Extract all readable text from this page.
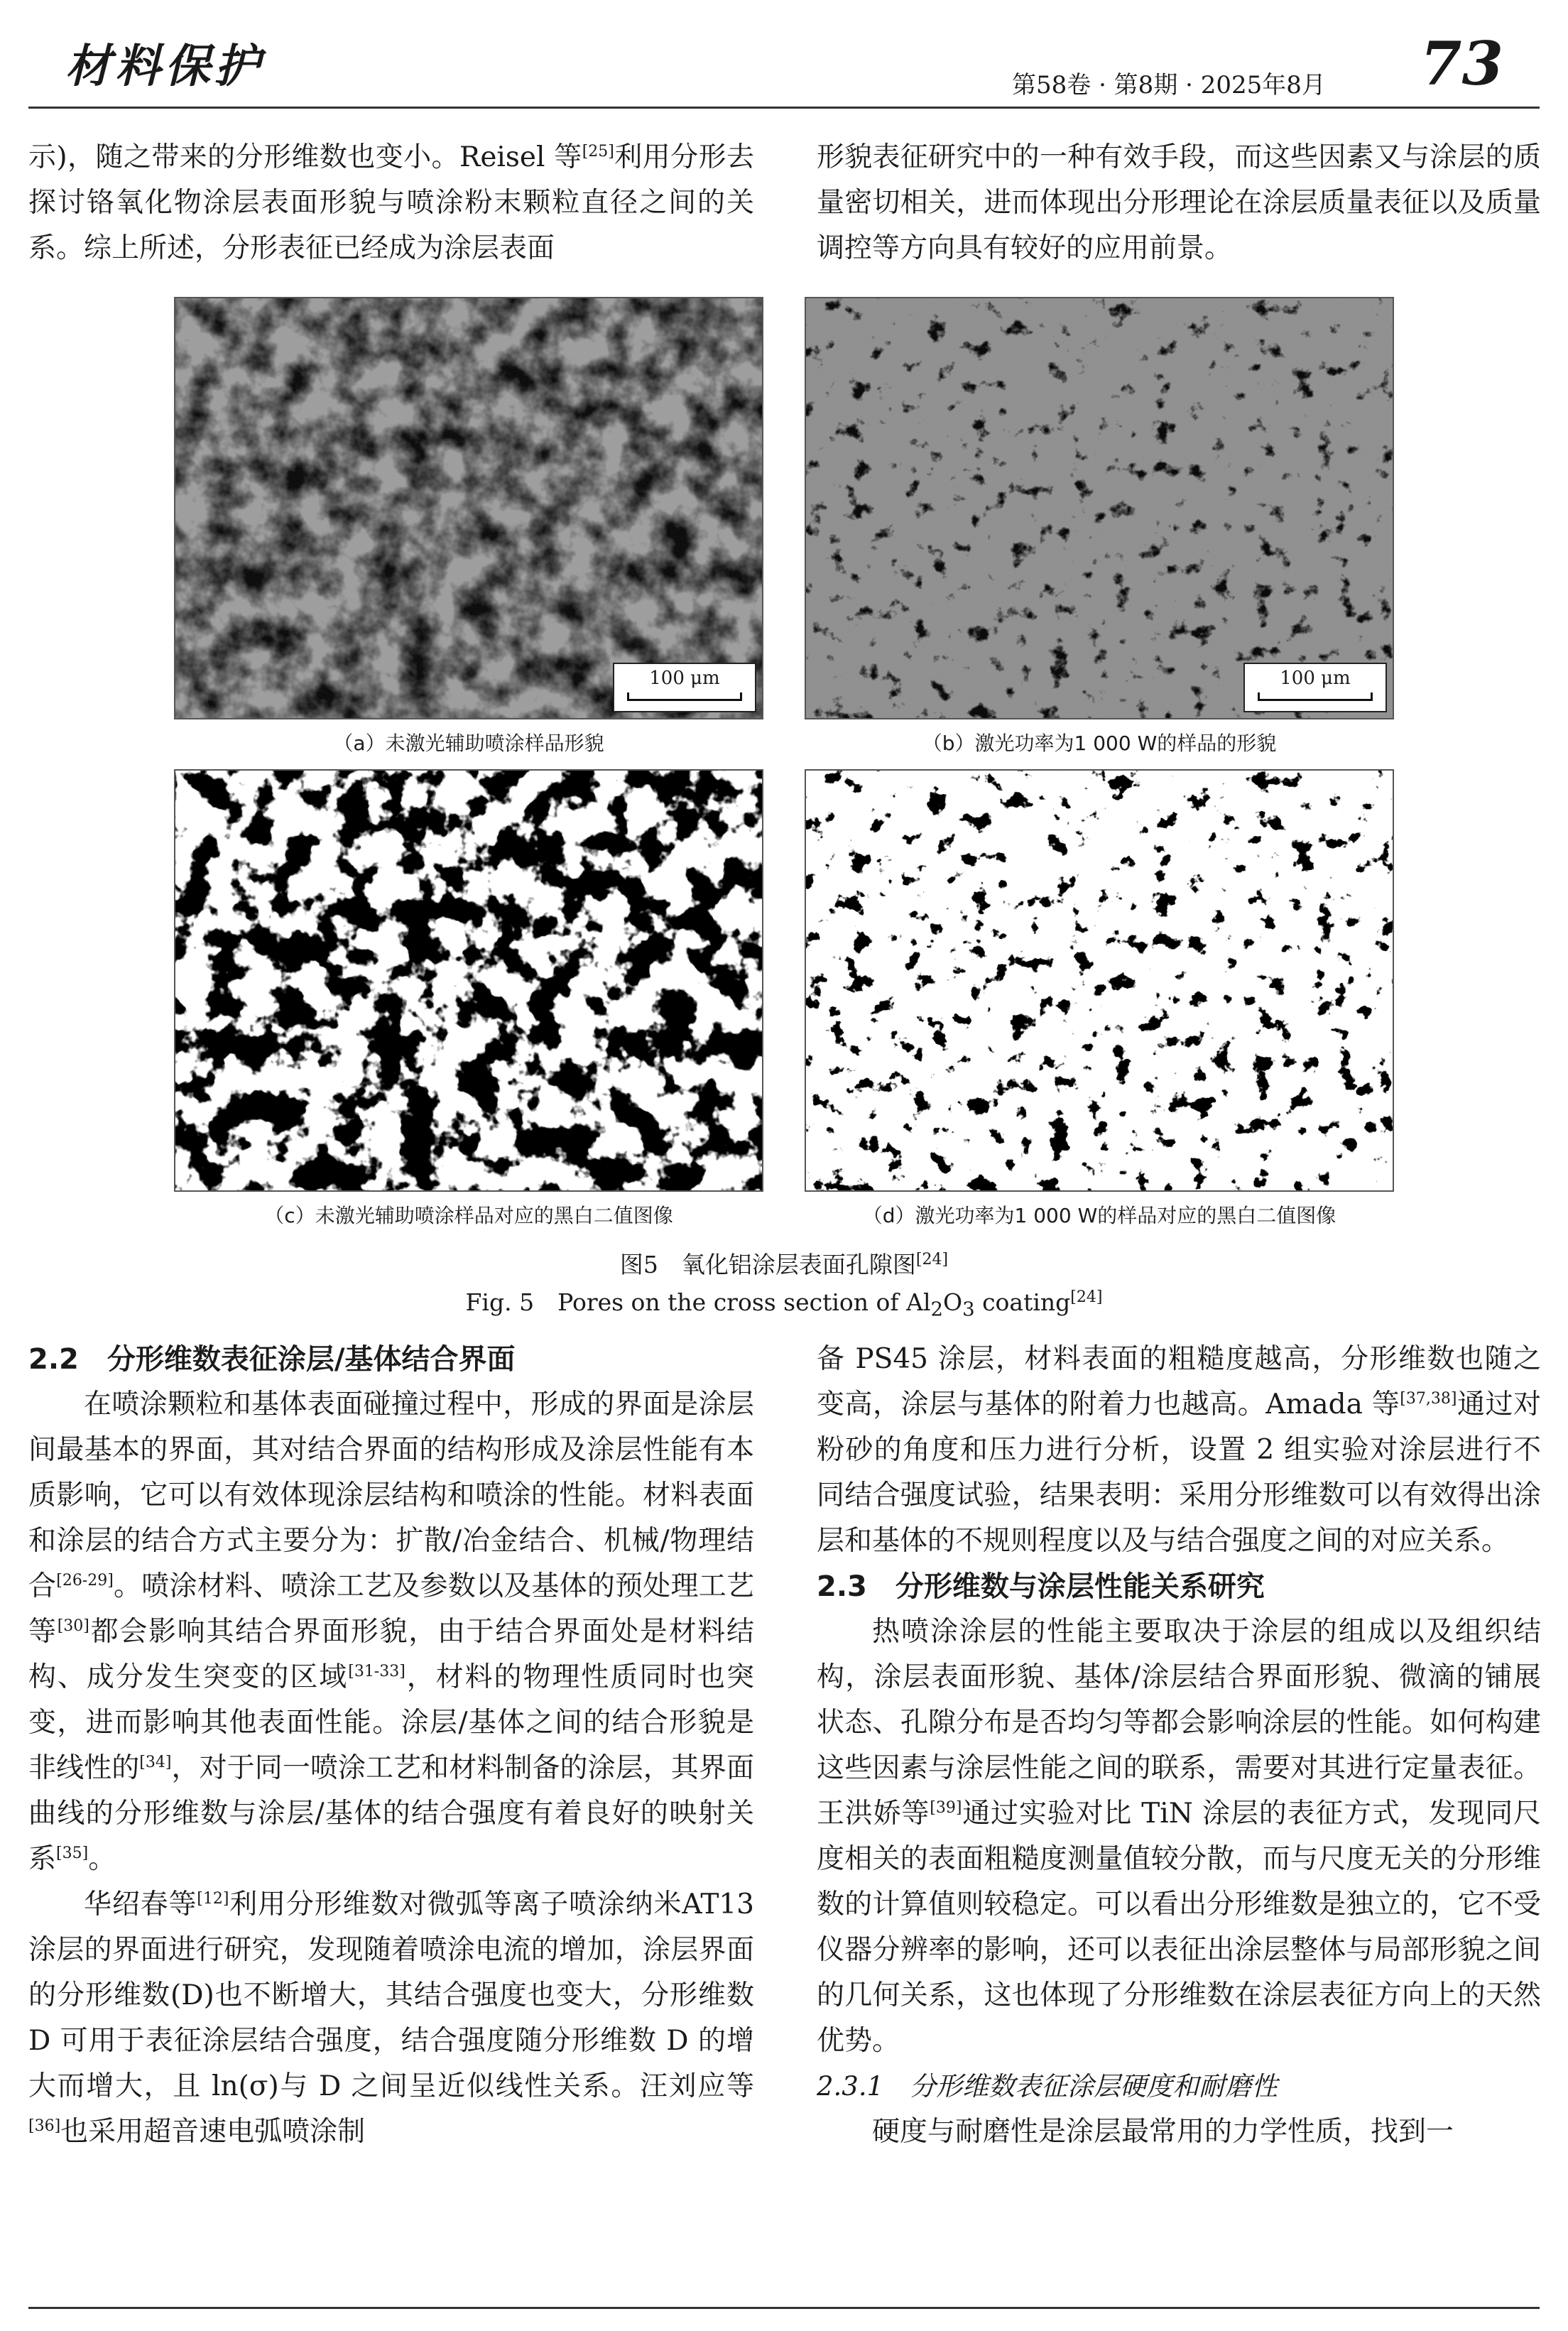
材料保护	第58卷 · 第8期 · 2025年8月 73

示)，随之带来的分形维数也变小。Reisel 等[25]利用分形去探讨铬氧化物涂层表面形貌与喷涂粉末颗粒直径之间的关系。综上所述，分形表征已经成为涂层表面

形貌表征研究中的一种有效手段，而这些因素又与涂层的质量密切相关，进而体现出分形理论在涂层质量表征以及质量调控等方向具有较好的应用前景。

100 μm	100 μm
（a）未激光辅助喷涂样品形貌	（b）激光功率为1 000 W的样品的形貌
（c）未激光辅助喷涂样品对应的黑白二值图像	（d）激光功率为1 000 W的样品对应的黑白二值图像
图5　氧化铝涂层表面孔隙图[24]
Fig. 5　Pores on the cross section of $Al_2O_3$ coating[24]
2.2　分形维数表征涂层/基体结合界面

在喷涂颗粒和基体表面碰撞过程中，形成的界面是涂层间最基本的界面，其对结合界面的结构形成及涂层性能有本质影响，它可以有效体现涂层结构和喷涂的性能。材料表面和涂层的结合方式主要分为：扩散/冶金结合、机械/物理结合[26-29]。喷涂材料、喷涂工艺及参数以及基体的预处理工艺等[30]都会影响其结合界面形貌，由于结合界面处是材料结构、成分发生突变的区域[31-33]，材料的物理性质同时也突变，进而影响其他表面性能。涂层/基体之间的结合形貌是非线性的[34]，对于同一喷涂工艺和材料制备的涂层，其界面曲线的分形维数与涂层/基体的结合强度有着良好的映射关系[35]。

华绍春等[12]利用分形维数对微弧等离子喷涂纳米AT13涂层的界面进行研究，发现随着喷涂电流的增加，涂层界面的分形维数(D)也不断增大，其结合强度也变大，分形维数 D 可用于表征涂层结合强度，结合强度随分形维数 D 的增大而增大，且 ln(σ)与 D 之间呈近似线性关系。汪刘应等[36]也采用超音速电弧喷涂制

备 PS45 涂层，材料表面的粗糙度越高，分形维数也随之变高，涂层与基体的附着力也越高。Amada 等[37,38]通过对粉砂的角度和压力进行分析，设置 2 组实验对涂层进行不同结合强度试验，结果表明：采用分形维数可以有效得出涂层和基体的不规则程度以及与结合强度之间的对应关系。

2.3　分形维数与涂层性能关系研究

热喷涂涂层的性能主要取决于涂层的组成以及组织结构，涂层表面形貌、基体/涂层结合界面形貌、微滴的铺展状态、孔隙分布是否均匀等都会影响涂层的性能。如何构建这些因素与涂层性能之间的联系，需要对其进行定量表征。王洪娇等[39]通过实验对比 TiN 涂层的表征方式，发现同尺度相关的表面粗糙度测量值较分散，而与尺度无关的分形维数的计算值则较稳定。可以看出分形维数是独立的，它不受仪器分辨率的影响，还可以表征出涂层整体与局部形貌之间的几何关系，这也体现了分形维数在涂层表征方向上的天然优势。

2.3.1　分形维数表征涂层硬度和耐磨性

硬度与耐磨性是涂层最常用的力学性质，找到一
